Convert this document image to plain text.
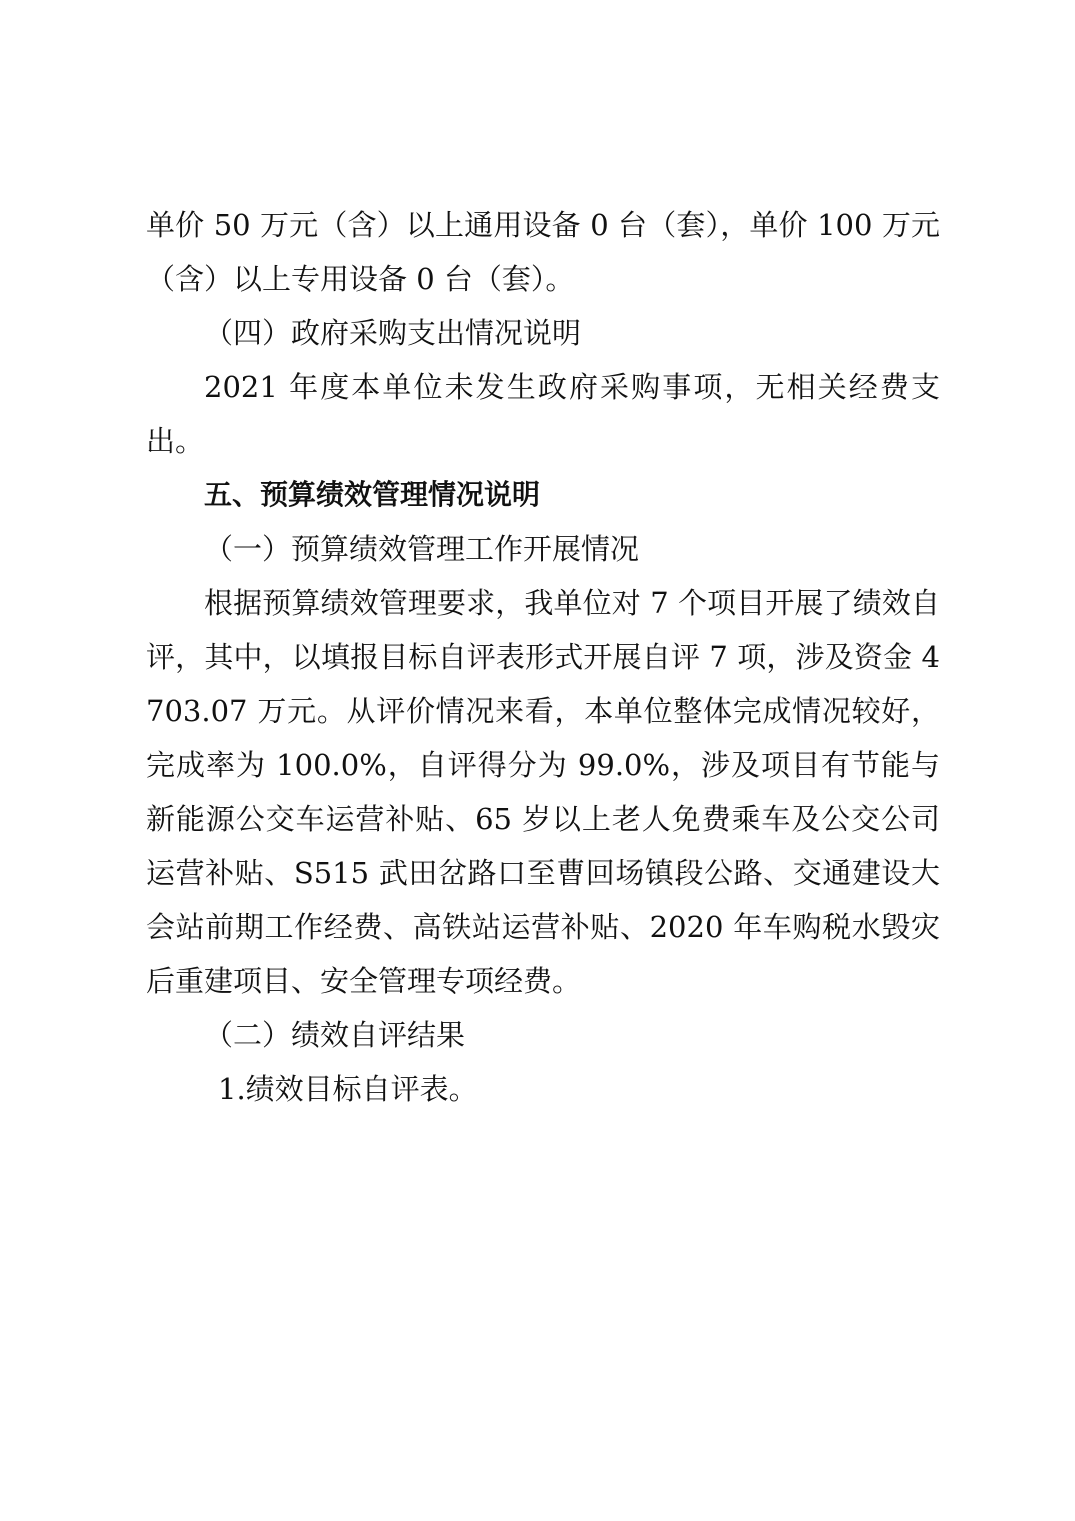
单价 50 万元（含）以上通用设备 0 台（套），单价 100 万元（含）以上专用设备 0 台（套）。

（四）政府采购支出情况说明

2021 年度本单位未发生政府采购事项，无相关经费支出。

五、预算绩效管理情况说明

（一）预算绩效管理工作开展情况

根据预算绩效管理要求，我单位对 7 个项目开展了绩效自评，其中，以填报目标自评表形式开展自评 7 项，涉及资金 4703.07 万元。从评价情况来看，本单位整体完成情况较好，完成率为 100.0%，自评得分为 99.0%，涉及项目有节能与新能源公交车运营补贴、65 岁以上老人免费乘车及公交公司运营补贴、S515 武田岔路口至曹回场镇段公路、交通建设大会站前期工作经费、高铁站运营补贴、2020 年车购税水毁灾后重建项目、安全管理专项经费。

（二）绩效自评结果

1.绩效目标自评表。
